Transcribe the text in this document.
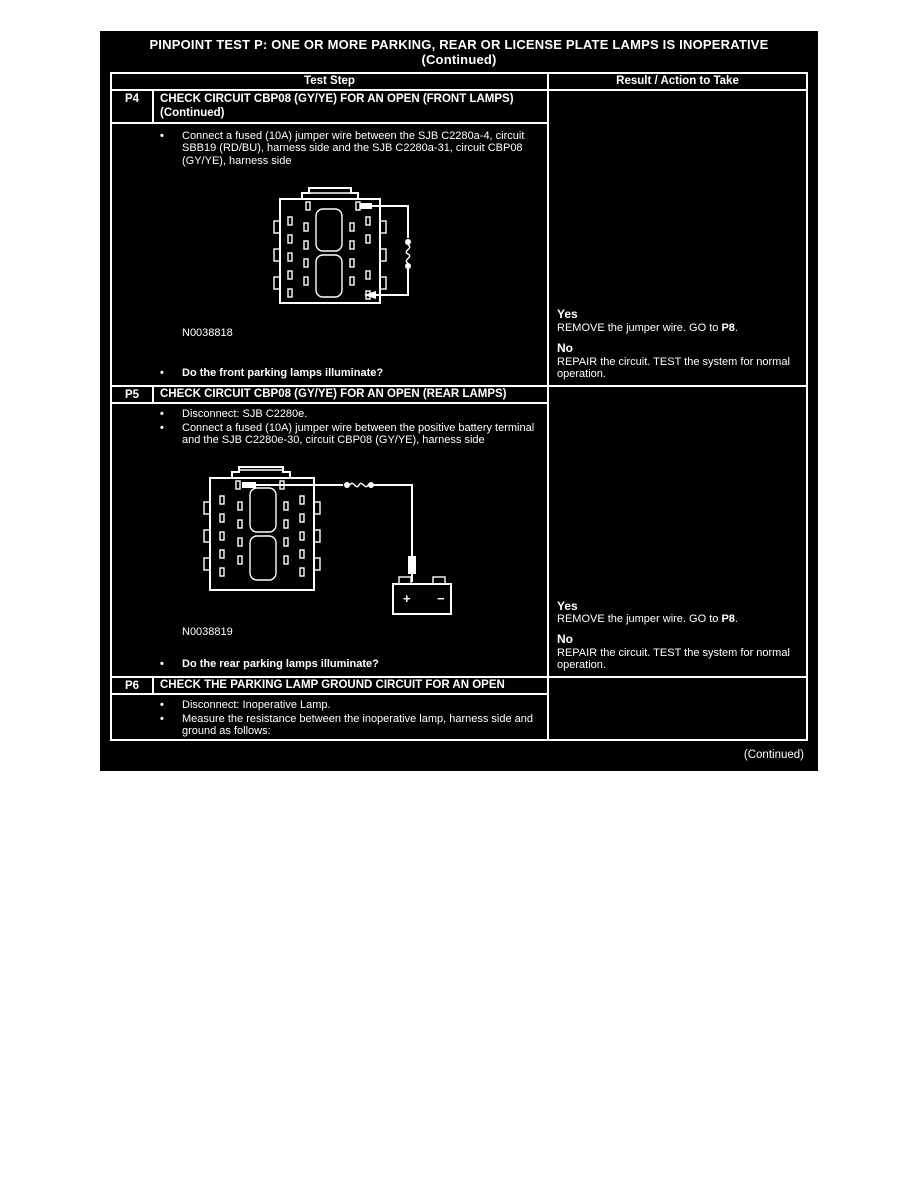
PINPOINT TEST P: ONE OR MORE PARKING, REAR OR LICENSE PLATE LAMPS IS INOPERATIVE
(Continued)
Test Step	Result / Action to Take
P4	CHECK CIRCUIT CBP08 (GY/YE) FOR AN OPEN (FRONT LAMPS) (Continued)
• Connect a fused (10A) jumper wire between the SJB C2280a-4, circuit SBB19 (RD/BU), harness side and the SJB C2280a-31, circuit CBP08 (GY/YE), harness side
N0038818
• Do the front parking lamps illuminate?
Yes
REMOVE the jumper wire. GO to P8.
No
REPAIR the circuit. TEST the system for normal operation.
P5	CHECK CIRCUIT CBP08 (GY/YE) FOR AN OPEN (REAR LAMPS)
• Disconnect: SJB C2280e.
• Connect a fused (10A) jumper wire between the positive battery terminal and the SJB C2280e-30, circuit CBP08 (GY/YE), harness side
+ −
N0038819
• Do the rear parking lamps illuminate?
Yes
REMOVE the jumper wire. GO to P8.
No
REPAIR the circuit. TEST the system for normal operation.
P6	CHECK THE PARKING LAMP GROUND CIRCUIT FOR AN OPEN
• Disconnect: Inoperative Lamp.
• Measure the resistance between the inoperative lamp, harness side and ground as follows:
(Continued)
